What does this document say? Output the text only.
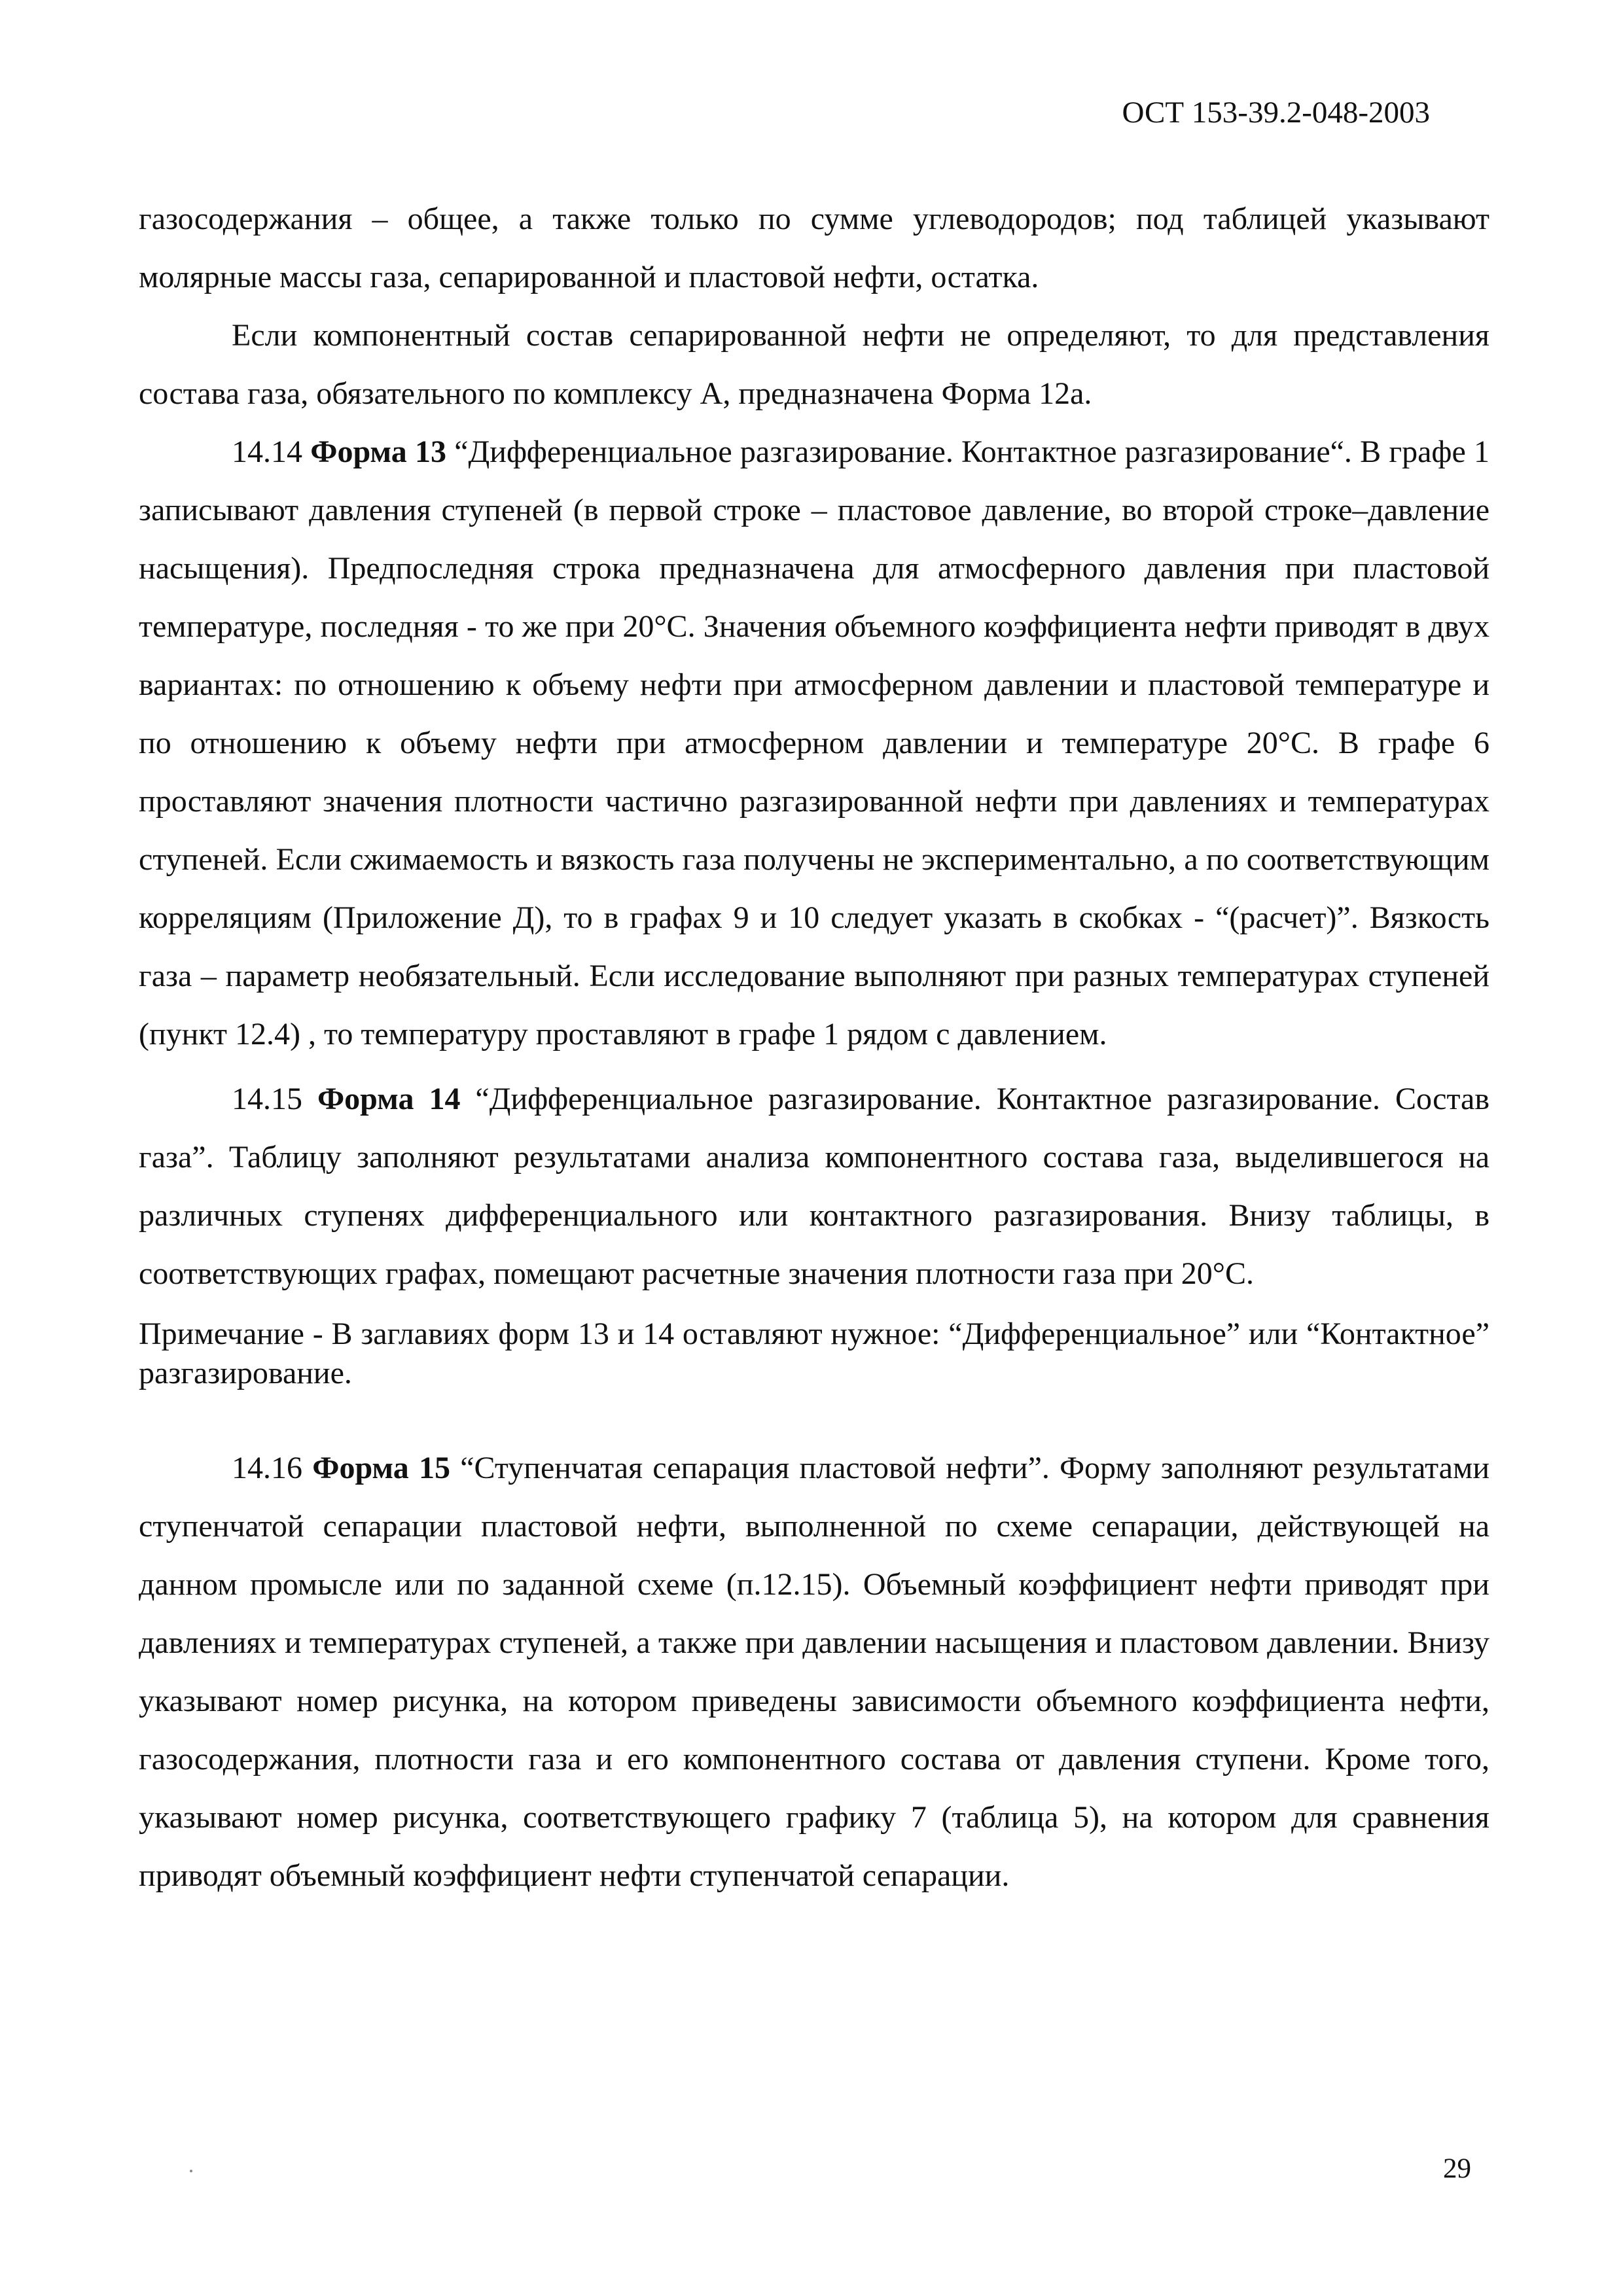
ОСТ 153-39.2-048-2003

газосодержания – общее, а также только по сумме углеводородов; под таблицей указывают молярные массы газа, сепарированной и пластовой нефти, остатка.

Если компонентный состав сепарированной нефти не определяют, то для представления состава газа, обязательного по комплексу А, предназначена Форма 12а.

14.14 Форма 13 “Дифференциальное разгазирование. Контактное разгазирование“. В графе 1 записывают давления ступеней (в первой строке – пластовое давление, во второй строке–давление насыщения). Предпоследняя строка предназначена для атмосферного давления при пластовой температуре, последняя - то же при 20°С. Значения объемного коэффициента нефти приводят в двух вариантах: по отношению к объему нефти при атмосферном давлении и пластовой температуре и по отношению к объему нефти при атмосферном давлении и температуре 20°С. В графе 6 проставляют значения плотности частично разгазированной нефти при давлениях и температурах ступеней. Если сжимаемость и вязкость газа получены не экспериментально, а по соответствующим корреляциям (Приложение Д), то в графах 9 и 10 следует указать в скобках - “(расчет)”. Вязкость газа – параметр необязательный. Если исследование выполняют при разных температурах ступеней (пункт 12.4) , то температуру проставляют в графе 1 рядом с давлением.

14.15 Форма 14 “Дифференциальное разгазирование. Контактное разгазирование. Состав газа”. Таблицу заполняют результатами анализа компонентного состава газа, выделившегося на различных ступенях дифференциального или контактного разгазирования. Внизу таблицы, в соответствующих графах, помещают расчетные значения плотности газа при 20°С.

Примечание - В заглавиях форм 13 и 14 оставляют нужное: “Дифференциальное” или “Контактное” разгазирование.

14.16 Форма 15 “Ступенчатая сепарация пластовой нефти”. Форму заполняют результатами ступенчатой сепарации пластовой нефти, выполненной по схеме сепарации, действующей на данном промысле или по заданной схеме (п.12.15). Объемный коэффициент нефти приводят при давлениях и температурах ступеней, а также при давлении насыщения и пластовом давлении. Внизу указывают номер рисунка, на котором приведены зависимости объемного коэффициента нефти, газосодержания, плотности газа и его компонентного состава от давления ступени. Кроме того, указывают номер рисунка, соответствующего графику 7 (таблица 5), на котором для сравнения приводят объемный коэффициент нефти ступенчатой сепарации.

29
